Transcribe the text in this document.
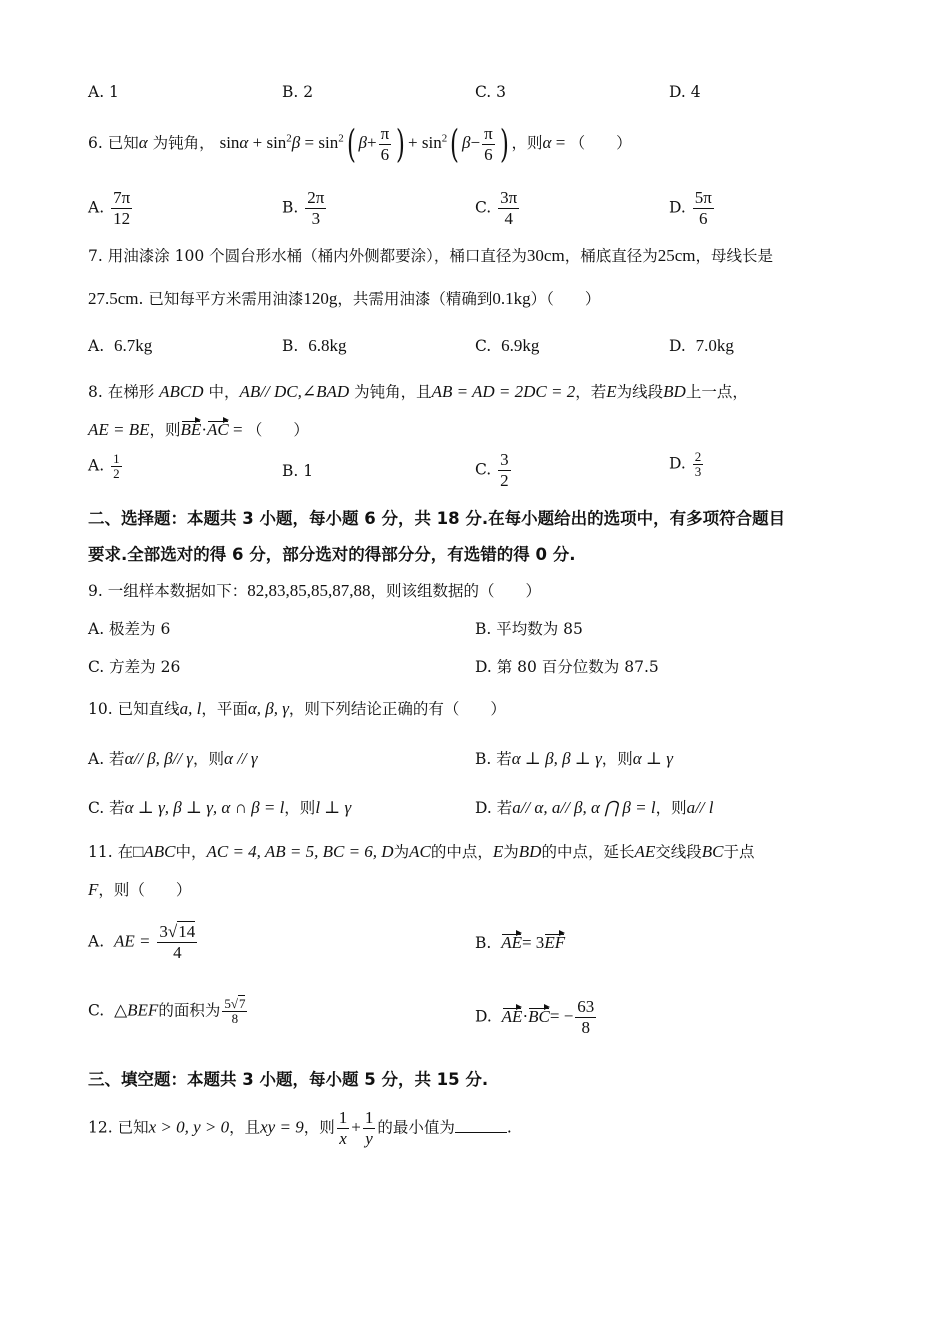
A. 1	B. 2	C. 3	D. 4
6. 已知α 为钝角， $\sin\alpha + \sin^2\beta = \sin^2$( $\beta+ \frac{\pi}{6}$ ) + $\sin^2$( $\beta- \frac{\pi}{6}$ ) ，则α = （　　）
A. $\frac{7\pi}{12}$	B. $\frac{2\pi}{3}$	C. $\frac{3\pi}{4}$	D. $\frac{5\pi}{6}$
7. 用油漆涂 100 个圆台形水桶（桶内外侧都要涂），桶口直径为30cm，桶底直径为25cm，母线长是
27.5cm. 已知每平方米需用油漆120g，共需用油漆（精确到0.1kg）（　　）
A. 6.7kg	B. 6.8kg	C. 6.9kg	D. 7.0kg
8. 在梯形 ABCD 中，AB// DC,∠BAD 为钝角，且AB = AD = 2DC = 2，若E为线段BD上一点，
AE = BE，则BE·AC = （　　）
A. $\frac{1}{2}$	B. 1	C. $\frac{3}{2}$	D. $\frac{2}{3}$
二、选择题：本题共 3 小题，每小题 6 分，共 18 分.在每小题给出的选项中，有多项符合题目
要求.全部选对的得 6 分，部分选对的得部分分，有选错的得 0 分.
9. 一组样本数据如下：82,83,85,85,87,88，则该组数据的（　　）
A. 极差为 6	B. 平均数为 85
C. 方差为 26	D. 第 80 百分位数为 87.5
10. 已知直线a, l，平面α, β, γ，则下列结论正确的有（　　）
A. 若α// β, β// γ，则α // γ	B. 若α ⊥ β, β ⊥ γ，则α ⊥ γ
C. 若α ⊥ γ, β ⊥ γ, α ∩ β = l，则l ⊥ γ	D. 若a// α, a// β, α ⋂ β = l，则a// l
11. 在□ABC中，AC = 4, AB = 5, BC = 6, D为AC的中点，E为BD的中点，延长AE交线段BC于点
F，则（　　）
A. AE = $\frac{3√14}{4}$	B. AE= 3EF
C. △BEF的面积为 $\frac{5√7}{8}$	D. $AE\cdot BC= - \frac{63}{8}$
三、填空题：本题共 3 小题，每小题 5 分，共 15 分.
12. 已知x > 0, y > 0，且xy = 9，则 $\frac{1}{x} + \frac{1}{y}$ 的最小值为	.
